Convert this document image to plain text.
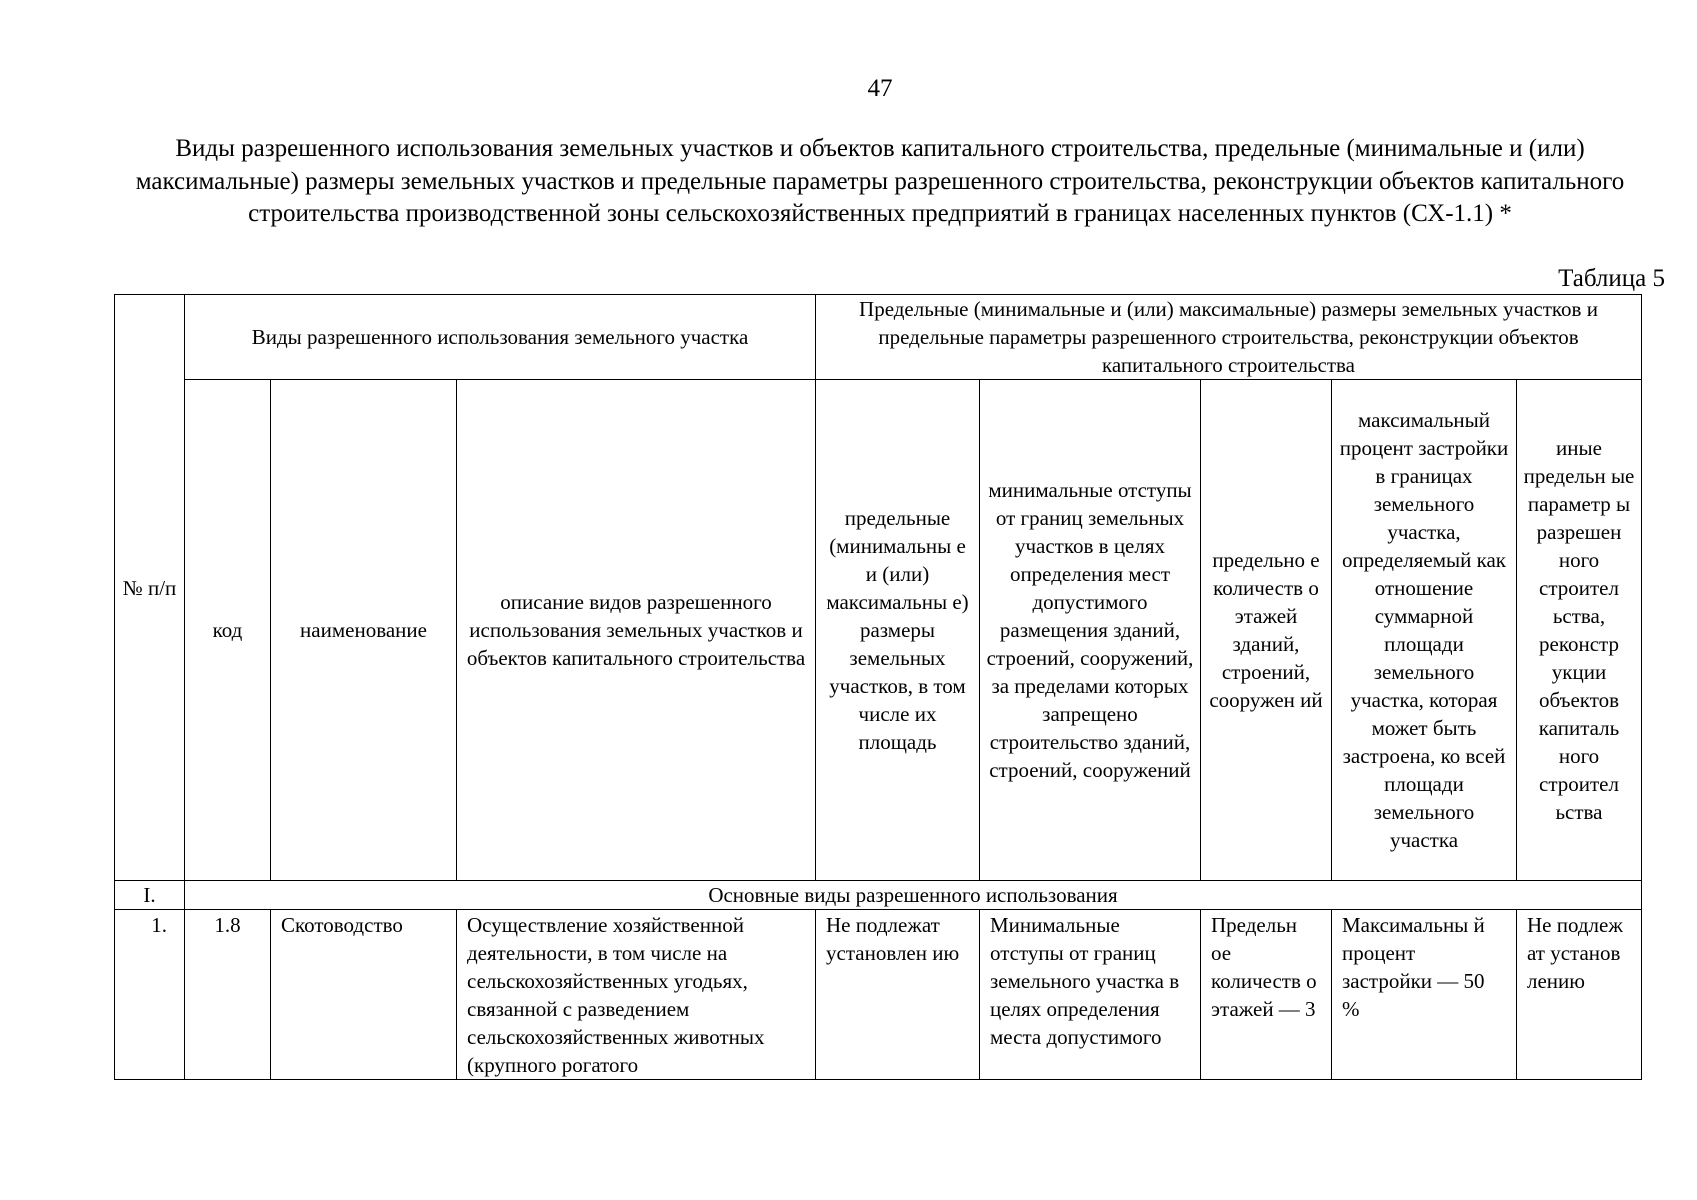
47
Виды разрешенного использования земельных участков и объектов капитального строительства, предельные (минимальные и (или) максимальные) размеры земельных участков и предельные параметры разрешенного строительства, реконструкции объектов капитального строительства производственной зоны сельскохозяйственных предприятий в границах населенных пунктов (СХ-1.1) *
Таблица 5
№ п/п	Виды разрешенного использования земельного участка			Предельные (минимальные и (или) максимальные) размеры земельных участков и предельные параметры разрешенного строительства, реконструкции объектов капитального строительства				
	код	наименование	описание видов разрешенного использования земельных участков и объектов капитального строительства	предельные (минимальны е и (или) максимальны е) размеры земельных участков, в том числе их площадь	минимальные отступы от границ земельных участков в целях определения мест допустимого размещения зданий, строений, сооружений, за пределами которых запрещено строительство зданий, строений, сооружений	предельно е количеств о этажей зданий, строений, сооружен ий	максимальный процент застройки в границах земельного участка, определяемый как отношение суммарной площади земельного участка, которая может быть застроена, ко всей площади земельного участка	иные предельн ые параметр ы разрешен ного строител ьства, реконстр укции объектов капиталь ного строител ьства
I.	Основные виды разрешенного использования							
1.	1.8	Скотоводство	Осуществление хозяйственной деятельности, в том числе на сельскохозяйственных угодьях, связанной с разведением сельскохозяйственных животных (крупного рогатого	Не подлежат установлен ию	Минимальные отступы от границ земельного участка в целях определения места допустимого	Предельн ое количеств о этажей — 3	Максимальны й процент застройки — 50 %	Не подлеж ат установ лению
